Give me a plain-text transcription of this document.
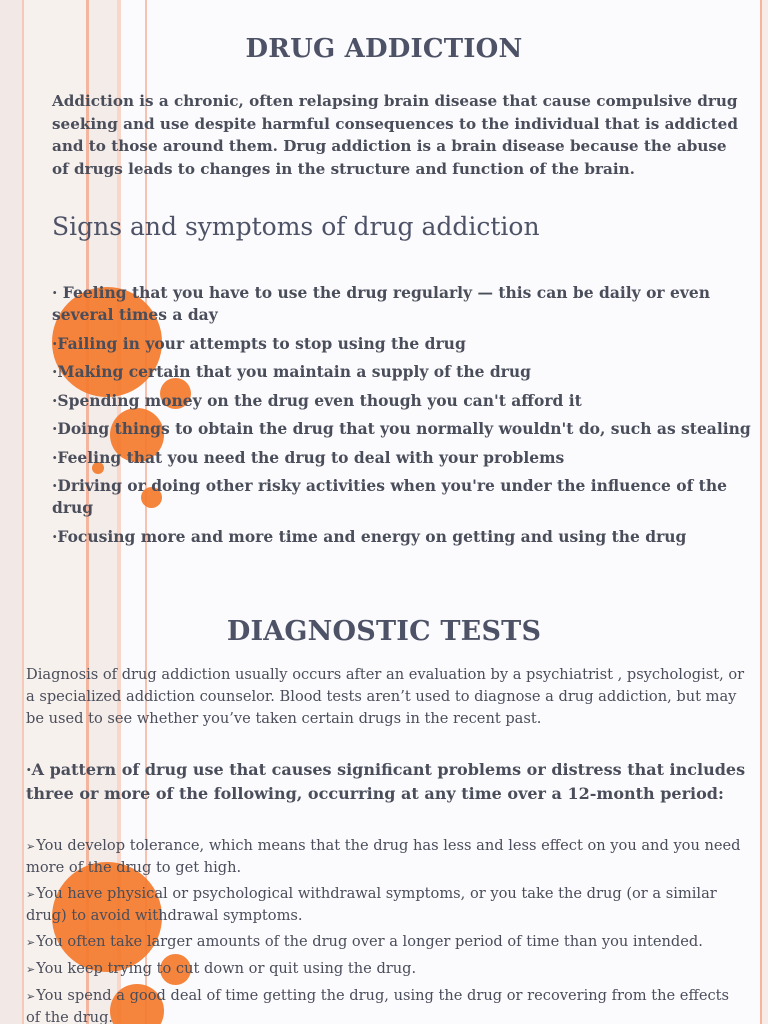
DRUG ADDICTION

Addiction is a chronic, often relapsing brain disease that cause compulsive drug seeking and use despite harmful consequences to the individual that is addicted and to those around them. Drug addiction is a brain disease because the abuse of drugs leads to changes in the structure and function of the brain.

Signs and symptoms of drug addiction
· Feeling that you have to use the drug regularly — this can be daily or even several times a day
·Failing in your attempts to stop using the drug
·Making certain that you maintain a supply of the drug
·Spending money on the drug even though you can't afford it
·Doing things to obtain the drug that you normally wouldn't do, such as stealing
·Feeling that you need the drug to deal with your problems
·Driving or doing other risky activities when you're under the influence of the drug
·Focusing more and more time and energy on getting and using the drug
DIAGNOSTIC TESTS

Diagnosis of drug addiction usually occurs after an evaluation by a psychiatrist , psychologist, or a specialized addiction counselor. Blood tests aren’t used to diagnose a drug addiction, but may be used to see whether you’ve taken certain drugs in the recent past.

·A pattern of drug use that causes significant problems or distress that includes three or more of the following, occurring at any time over a 12-month period:

➢You develop tolerance, which means that the drug has less and less effect on you and you need more of the drug to get high.
➢You have physical or psychological withdrawal symptoms, or you take the drug (or a similar drug) to avoid withdrawal symptoms.
➢You often take larger amounts of the drug over a longer period of time than you intended.
➢You keep trying to cut down or quit using the drug.
➢You spend a good deal of time getting the drug, using the drug or recovering from the effects of the drug.
